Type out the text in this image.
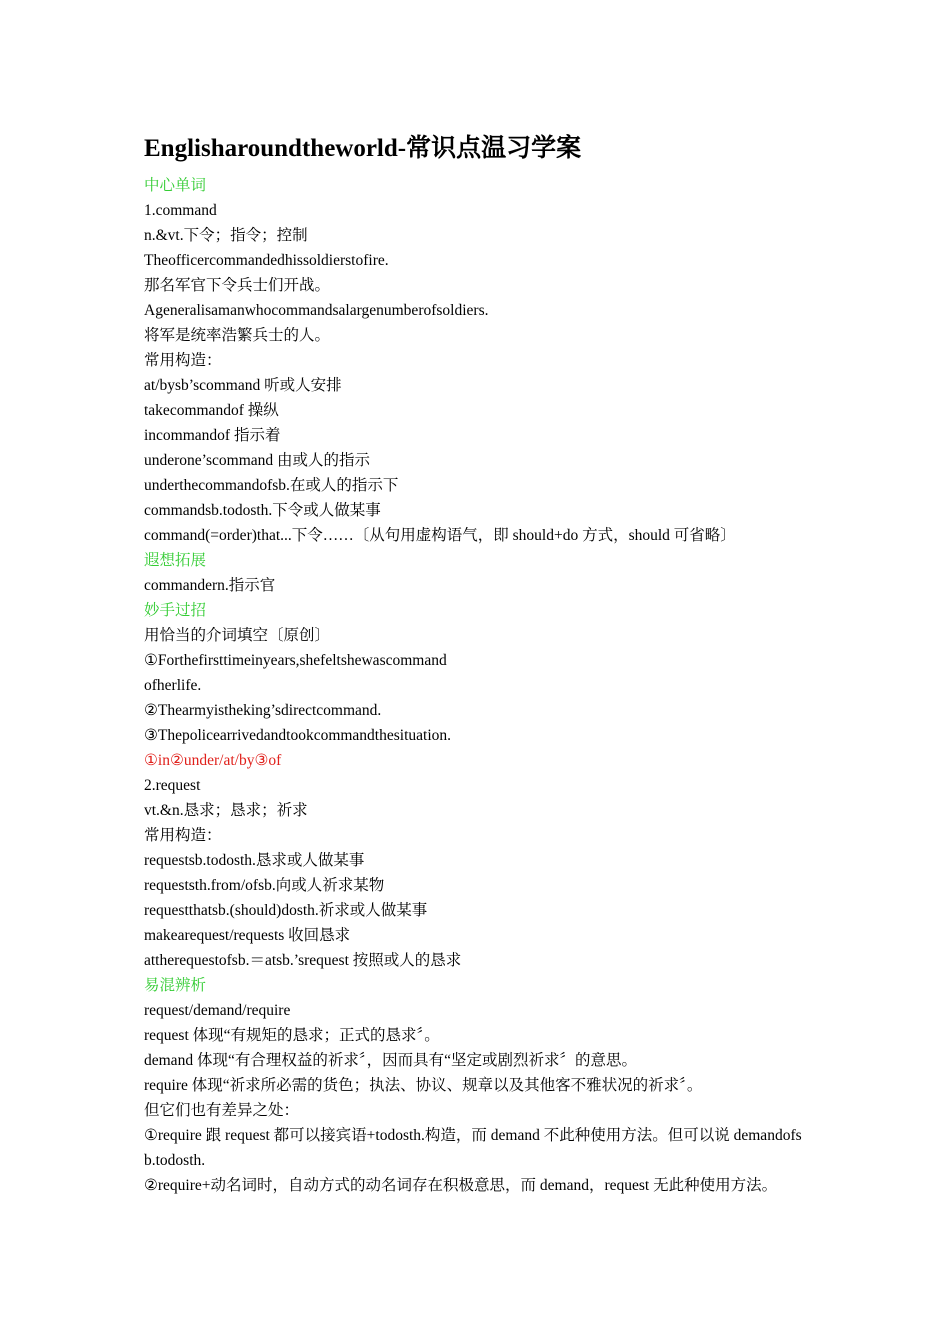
Englisharoundtheworld-常识点温习学案
中心单词
1.command
n.&vt.下令；指令；控制
Theofficercommandedhissoldierstofire.
那名军官下令兵士们开战。
Ageneralisamanwhocommandsalargenumberofsoldiers.
将军是统率浩繁兵士的人。
常用构造：
at/bysb’scommand 听或人安排
takecommandof 操纵
incommandof 指示着
underone’scommand 由或人的指示
underthecommandofsb.在或人的指示下
commandsb.todosth.下令或人做某事
command(=order)that...下令……〔从句用虚构语气，即 should+do 方式，should 可省略〕
遐想拓展
commandern.指示官
妙手过招
用恰当的介词填空〔原创〕
①Forthefirsttimeinyears,shefeltshewascommand
ofherlife.
②Thearmyistheking’sdirectcommand.
③Thepolicearrivedandtookcommandthesituation.
①in②under/at/by③of
2.request
vt.&n.恳求；恳求；祈求
常用构造：
requestsb.todosth.恳求或人做某事
requeststh.from/ofsb.向或人祈求某物
requestthatsb.(should)dosth.祈求或人做某事
makearequest/requests 收回恳求
attherequestofsb.＝atsb.’srequest 按照或人的恳求
易混辨析
request/demand/require
request 体现“有规矩的恳求；正式的恳求〞。
demand 体现“有合理权益的祈求〞，因而具有“坚定或剧烈祈求〞的意思。
require 体现“祈求所必需的货色；执法、协议、规章以及其他客不雅状况的祈求〞。
但它们也有差异之处：
①require 跟 request 都可以接宾语+todosth.构造，而 demand 不此种使用方法。但可以说 demandofsb.todosth.
②require+动名词时，自动方式的动名词存在积极意思，而 demand，request 无此种使用方法。
